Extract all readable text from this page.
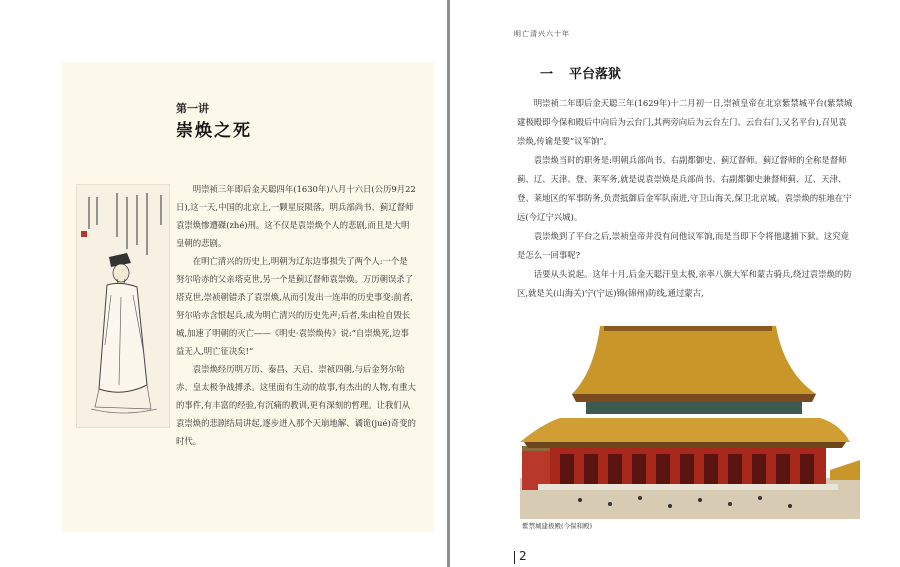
第一讲
崇焕之死

明崇祯三年即后金天聪四年(1630年)八月十六日(公历9月22日),这一天,中国的北京上,一颗星辰陨落。明兵部尚书、蓟辽督师袁崇焕惨遭磔(zhé)刑。这不仅是袁崇焕个人的悲剧,而且是大明皇朝的悲剧。

在明亡清兴的历史上,明朝为辽东边事损失了两个人:一个是努尔哈赤的父亲塔克世,另一个是蓟辽督师袁崇焕。万历朝误杀了塔克世,崇祯朝错杀了袁崇焕,从而引发出一连串的历史事变:前者,努尔哈赤含恨起兵,成为明亡清兴的历史先声;后者,朱由检自毁长城,加速了明朝的灭亡——《明史·袁崇焕传》说:“自崇焕死,边事益无人,明亡征决矣!”

袁崇焕经历明万历、泰昌、天启、崇祯四朝,与后金努尔哈赤、皇太极争战搏杀。这里面有生动的故事,有杰出的人物,有重大的事件,有丰富的经验,有沉痛的教训,更有深刻的哲理。让我们从袁崇焕的悲剧结局讲起,逐步进入那个天崩地解、谲诡(jué)奇变的时代。

明亡清兴六十年
一 平台落狱

明崇祯二年即后金天聪三年(1629年)十二月初一日,崇祯皇帝在北京紫禁城平台(紫禁城建极殿即今保和殿后中向后为云台门,其两旁向后为云台左门、云台右门,又名平台),召见袁崇焕,传谕是要“议军饷”。

袁崇焕当时的职务是:明朝兵部尚书、右副都御史、蓟辽督师。蓟辽督师的全称是督师蓟、辽、天津、登、莱军务,就是说袁崇焕是兵部尚书、右副都御史兼督师蓟、辽、天津、登、莱地区的军事防务,负责抵御后金军队南进,守卫山海关,保卫北京城。袁崇焕的驻地在宁远(今辽宁兴城)。

袁崇焕到了平台之后,崇祯皇帝并没有问他议军饷,而是当即下令将他逮捕下狱。这究竟是怎么一回事呢?

话要从头说起。这年十月,后金天聪汗皇太极,亲率八旗大军和蒙古骑兵,绕过袁崇焕的防区,就是关(山海关)宁(宁远)锦(锦州)防线,通过蒙古,

紫禁城建极殿(今保和殿)
2
